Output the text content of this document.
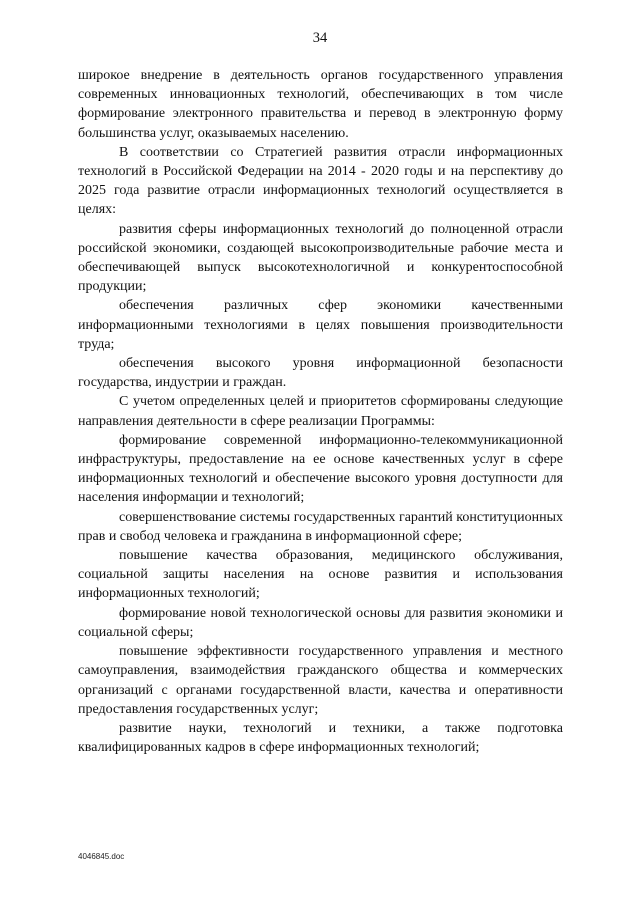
34

широкое внедрение в деятельность органов государственного управления современных инновационных технологий, обеспечивающих в том числе формирование электронного правительства и перевод в электронную форму большинства услуг, оказываемых населению.

В соответствии со Стратегией развития отрасли информационных технологий в Российской Федерации на 2014 - 2020 годы и на перспективу до 2025 года развитие отрасли информационных технологий осуществляется в целях:

развития сферы информационных технологий до полноценной отрасли российской экономики, создающей высокопроизводительные рабочие места и обеспечивающей выпуск высокотехнологичной и конкурентоспособной продукции;

обеспечения различных сфер экономики качественными информационными технологиями в целях повышения производительности труда;

обеспечения высокого уровня информационной безопасности государства, индустрии и граждан.

С учетом определенных целей и приоритетов сформированы следующие направления деятельности в сфере реализации Программы:

формирование современной информационно-телекоммуникационной инфраструктуры, предоставление на ее основе качественных услуг в сфере информационных технологий и обеспечение высокого уровня доступности для населения информации и технологий;

совершенствование системы государственных гарантий конституционных прав и свобод человека и гражданина в информационной сфере;

повышение качества образования, медицинского обслуживания, социальной защиты населения на основе развития и использования информационных технологий;

формирование новой технологической основы для развития экономики и социальной сферы;

повышение эффективности государственного управления и местного самоуправления, взаимодействия гражданского общества и коммерческих организаций с органами государственной власти, качества и оперативности предоставления государственных услуг;

развитие науки, технологий и техники, а также подготовка квалифицированных кадров в сфере информационных технологий;

4046845.doc
